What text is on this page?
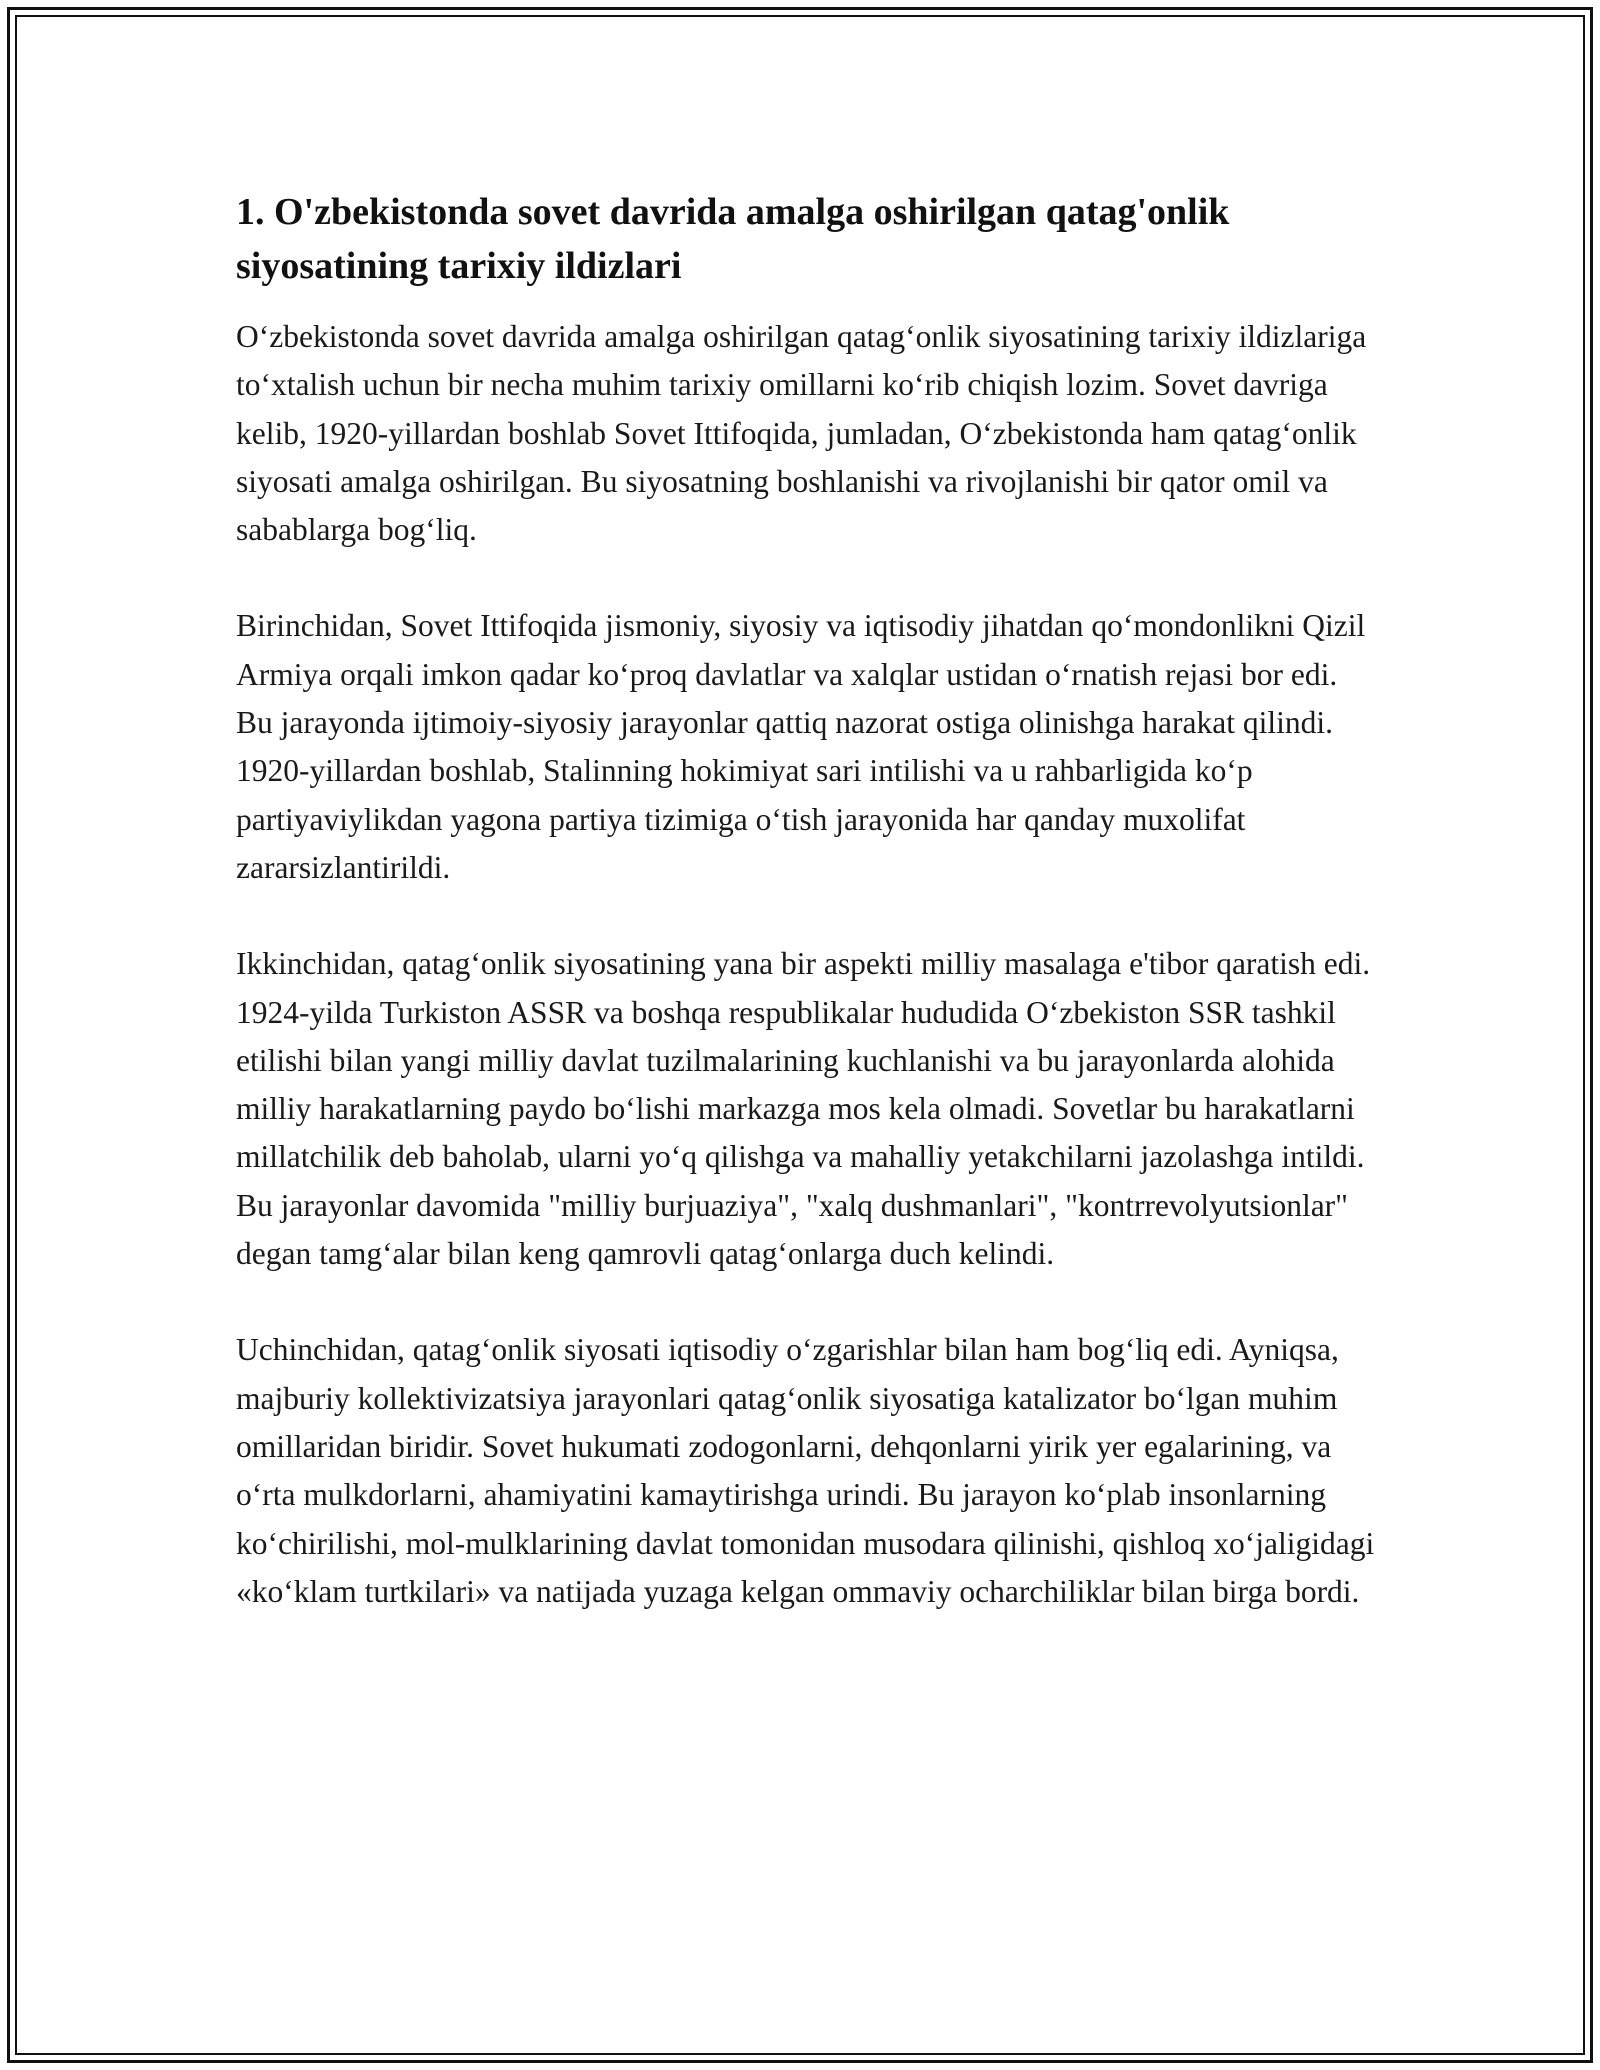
1. O'zbekistonda sovet davrida amalga oshirilgan qatag'onlik siyosatining tarixiy ildizlari

O‘zbekistonda sovet davrida amalga oshirilgan qatag‘onlik siyosatining tarixiy ildizlariga to‘xtalish uchun bir necha muhim tarixiy omillarni ko‘rib chiqish lozim. Sovet davriga kelib, 1920-yillardan boshlab Sovet Ittifoqida, jumladan, O‘zbekistonda ham qatag‘onlik siyosati amalga oshirilgan. Bu siyosatning boshlanishi va rivojlanishi bir qator omil va sabablarga bog‘liq.

Birinchidan, Sovet Ittifoqida jismoniy, siyosiy va iqtisodiy jihatdan qo‘mondonlikni Qizil Armiya orqali imkon qadar ko‘proq davlatlar va xalqlar ustidan o‘rnatish rejasi bor edi. Bu jarayonda ijtimoiy-siyosiy jarayonlar qattiq nazorat ostiga olinishga harakat qilindi. 1920-yillardan boshlab, Stalinning hokimiyat sari intilishi va u rahbarligida ko‘p partiyaviylikdan yagona partiya tizimiga o‘tish jarayonida har qanday muxolifat zararsizlantirildi.

Ikkinchidan, qatag‘onlik siyosatining yana bir aspekti milliy masalaga e'tibor qaratish edi. 1924-yilda Turkiston ASSR va boshqa respublikalar hududida O‘zbekiston SSR tashkil etilishi bilan yangi milliy davlat tuzilmalarining kuchlanishi va bu jarayonlarda alohida milliy harakatlarning paydo bo‘lishi markazga mos kela olmadi. Sovetlar bu harakatlarni millatchilik deb baholab, ularni yo‘q qilishga va mahalliy yetakchilarni jazolashga intildi. Bu jarayonlar davomida "milliy burjuaziya", "xalq dushmanlari", "kontrrevolyutsionlar" degan tamg‘alar bilan keng qamrovli qatag‘onlarga duch kelindi.

Uchinchidan, qatag‘onlik siyosati iqtisodiy o‘zgarishlar bilan ham bog‘liq edi. Ayniqsa, majburiy kollektivizatsiya jarayonlari qatag‘onlik siyosatiga katalizator bo‘lgan muhim omillaridan biridir. Sovet hukumati zodogonlarni, dehqonlarni yirik yer egalarining, va o‘rta mulkdorlarni, ahamiyatini kamaytirishga urindi. Bu jarayon ko‘plab insonlarning ko‘chirilishi, mol-mulklarining davlat tomonidan musodara qilinishi, qishloq xo‘jaligidagi «ko‘klam turtkilari» va natijada yuzaga kelgan ommaviy ocharchiliklar bilan birga bordi.
